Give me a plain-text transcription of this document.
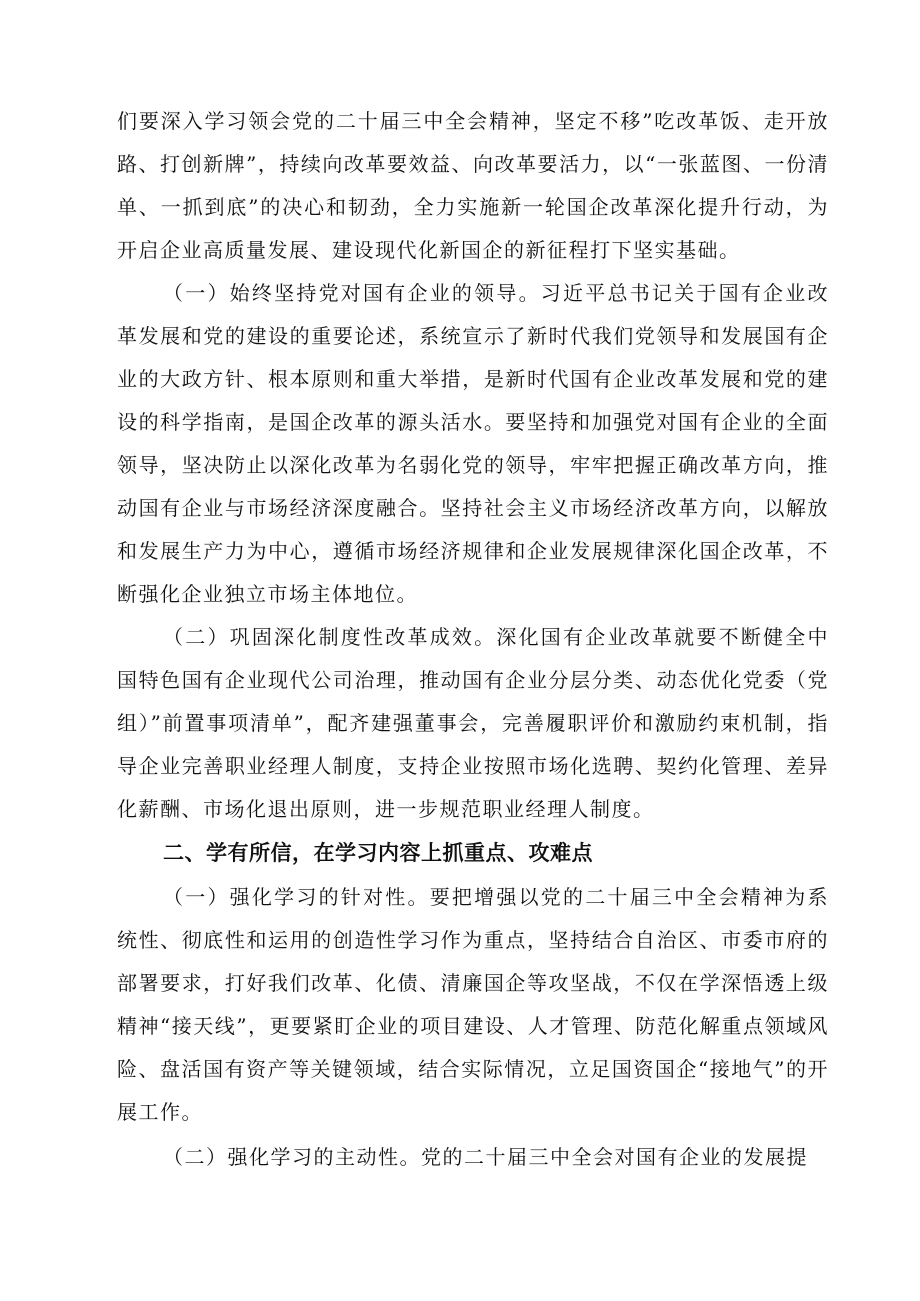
们要深入学习领会党的二十届三中全会精神，坚定不移”吃改革饭、走开放路、打创新牌”，持续向改革要效益、向改革要活力，以“一张蓝图、一份清单、一抓到底”的决心和韧劲，全力实施新一轮国企改革深化提升行动，为开启企业高质量发展、建设现代化新国企的新征程打下坚实基础。

（一）始终坚持党对国有企业的领导。习近平总书记关于国有企业改革发展和党的建设的重要论述，系统宣示了新时代我们党领导和发展国有企业的大政方针、根本原则和重大举措，是新时代国有企业改革发展和党的建设的科学指南，是国企改革的源头活水。要坚持和加强党对国有企业的全面领导，坚决防止以深化改革为名弱化党的领导，牢牢把握正确改革方向，推动国有企业与市场经济深度融合。坚持社会主义市场经济改革方向，以解放和发展生产力为中心，遵循市场经济规律和企业发展规律深化国企改革，不断强化企业独立市场主体地位。

（二）巩固深化制度性改革成效。深化国有企业改革就要不断健全中国特色国有企业现代公司治理，推动国有企业分层分类、动态优化党委（党组）”前置事项清单”，配齐建强董事会，完善履职评价和激励约束机制，指导企业完善职业经理人制度，支持企业按照市场化选聘、契约化管理、差异化薪酬、市场化退出原则，进一步规范职业经理人制度。

二、学有所信，在学习内容上抓重点、攻难点

（一）强化学习的针对性。要把增强以党的二十届三中全会精神为系统性、彻底性和运用的创造性学习作为重点，坚持结合自治区、市委市府的部署要求，打好我们改革、化债、清廉国企等攻坚战，不仅在学深悟透上级精神“接天线”，更要紧盯企业的项目建设、人才管理、防范化解重点领域风险、盘活国有资产等关键领域，结合实际情况，立足国资国企“接地气”的开展工作。

（二）强化学习的主动性。党的二十届三中全会对国有企业的发展提
